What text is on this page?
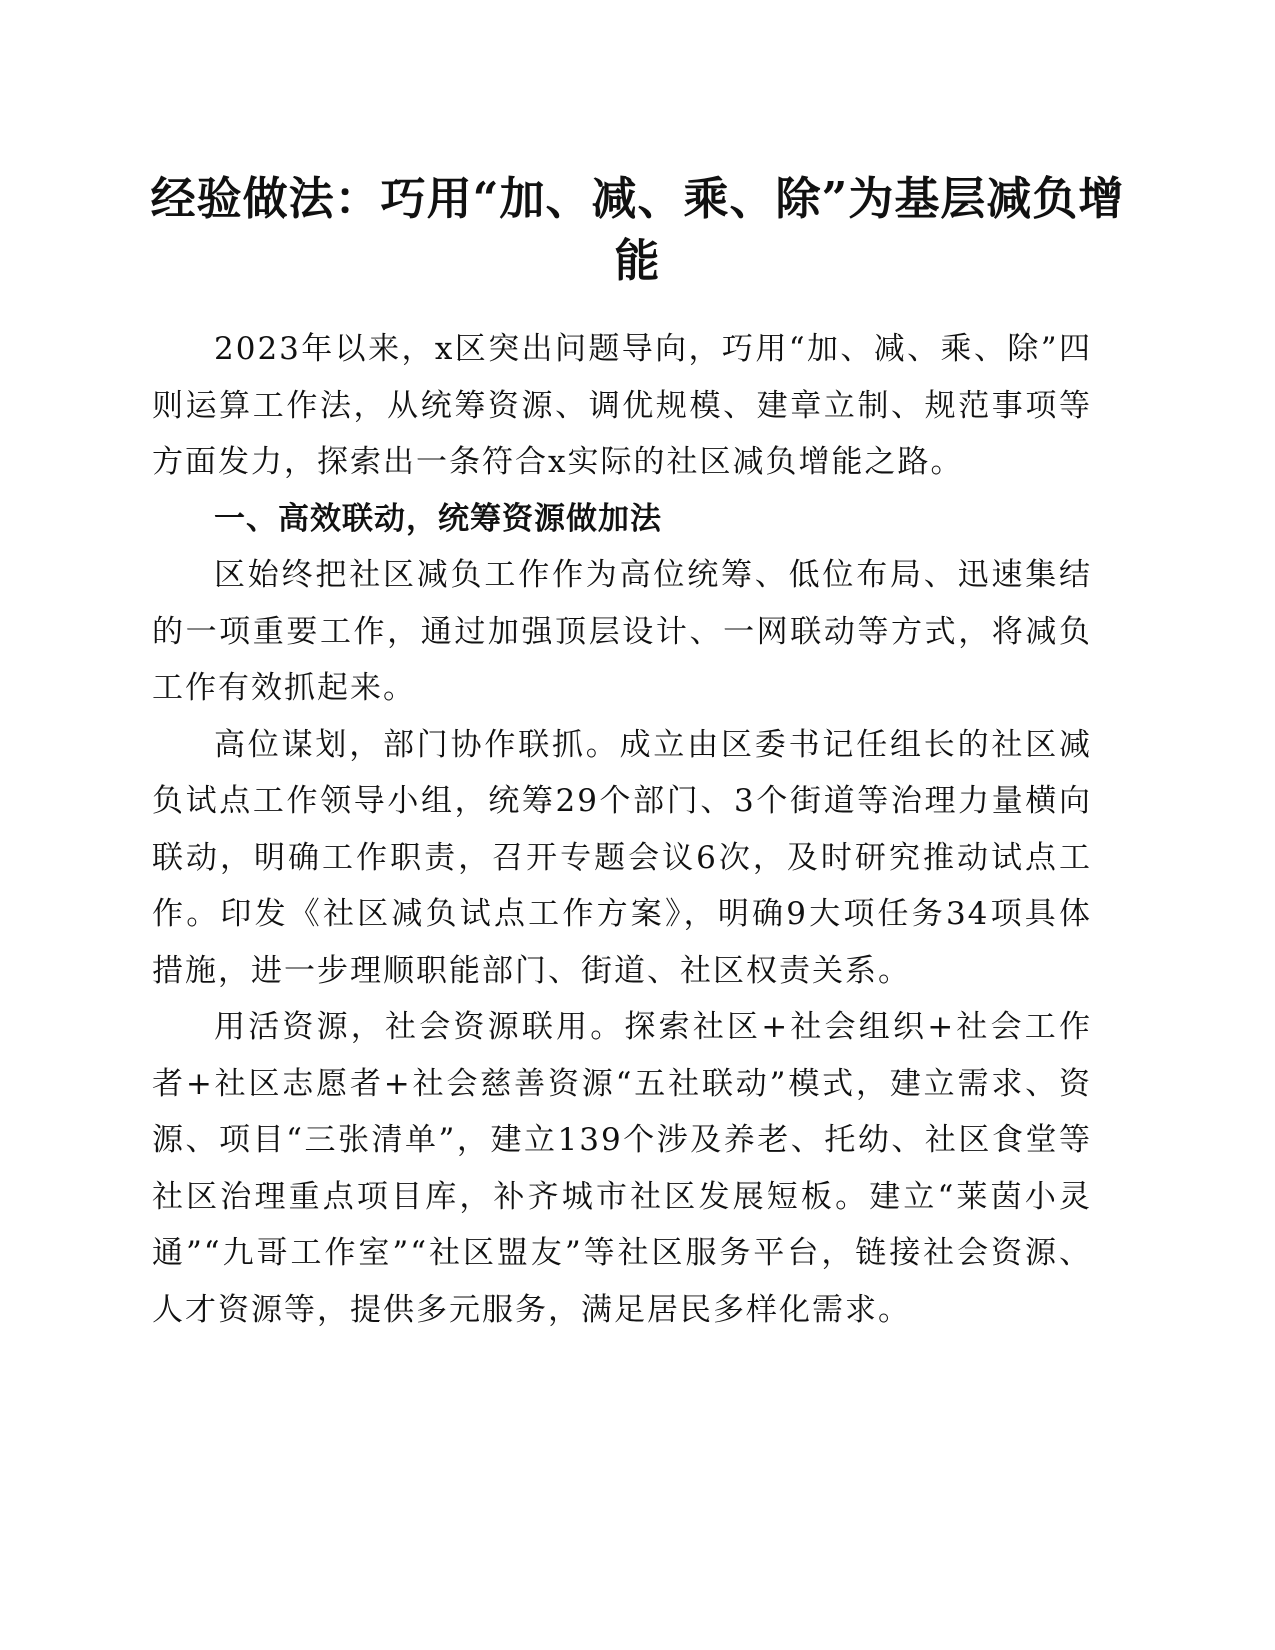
经验做法：巧用“加、减、乘、除”为基层减负增能

2023年以来，x区突出问题导向，巧用“加、减、乘、除”四则运算工作法，从统筹资源、调优规模、建章立制、规范事项等方面发力，探索出一条符合x实际的社区减负增能之路。

一、高效联动，统筹资源做加法

区始终把社区减负工作作为高位统筹、低位布局、迅速集结的一项重要工作，通过加强顶层设计、一网联动等方式，将减负工作有效抓起来。

高位谋划，部门协作联抓。成立由区委书记任组长的社区减负试点工作领导小组，统筹29个部门、3个街道等治理力量横向联动，明确工作职责，召开专题会议6次，及时研究推动试点工作。印发《社区减负试点工作方案》，明确9大项任务34项具体措施，进一步理顺职能部门、街道、社区权责关系。

用活资源，社会资源联用。探索社区+社会组织+社会工作者+社区志愿者+社会慈善资源“五社联动”模式，建立需求、资源、项目“三张清单”，建立139个涉及养老、托幼、社区食堂等社区治理重点项目库，补齐城市社区发展短板。建立“莱茵小灵通”“九哥工作室”“社区盟友”等社区服务平台，链接社会资源、人才资源等，提供多元服务，满足居民多样化需求。
